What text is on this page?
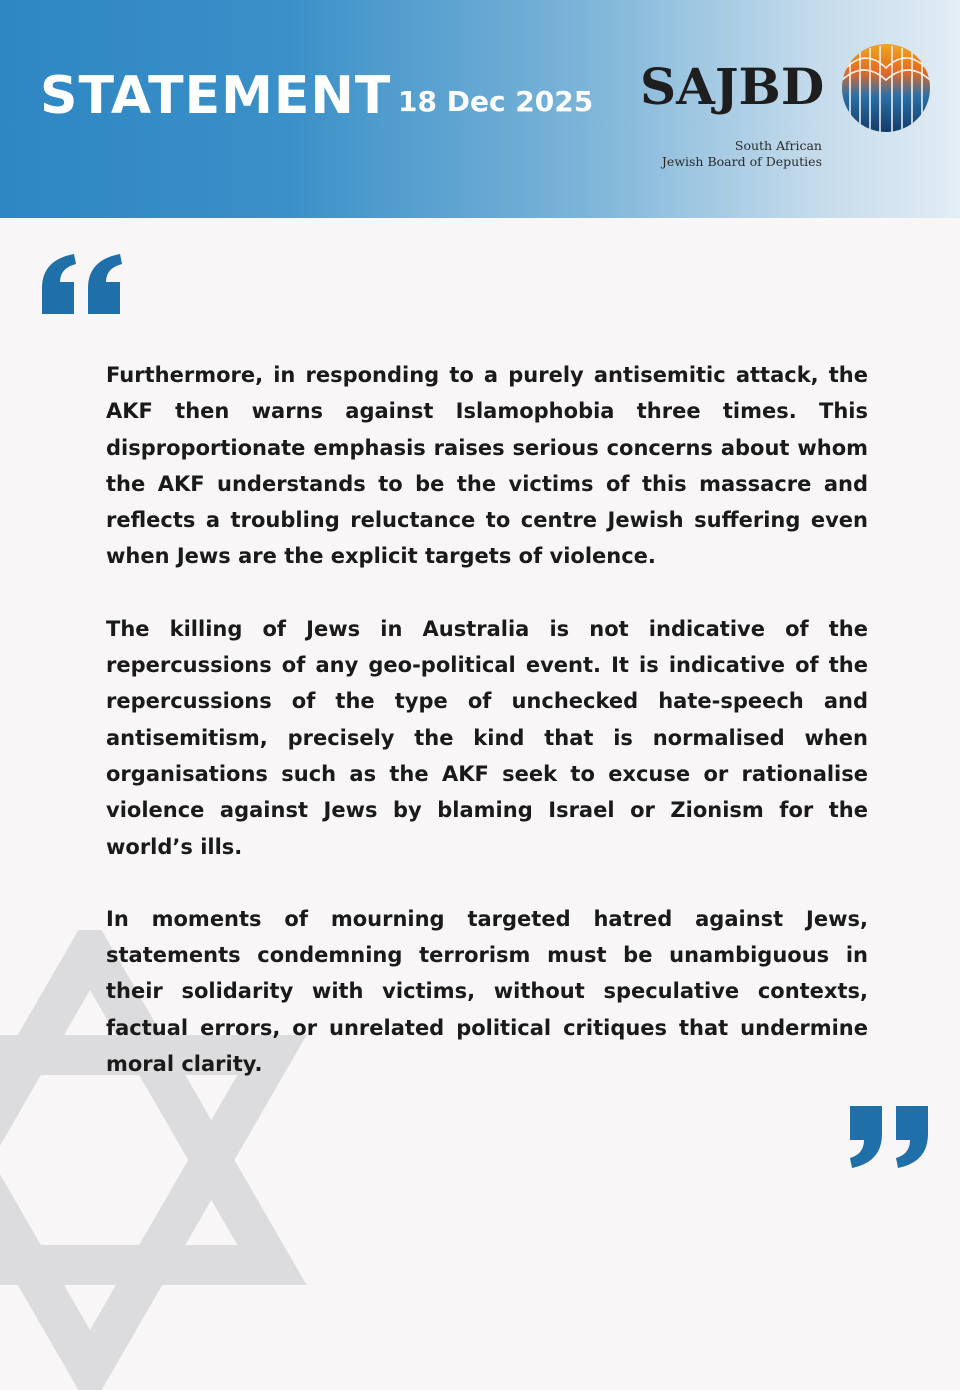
STATEMENT 18 Dec 2025 SAJBD
South African
Jewish Board of Deputies

Furthermore, in responding to a purely antisemitic attack, the AKF then warns against Islamophobia three times. This disproportionate emphasis raises serious concerns about whom the AKF understands to be the victims of this massacre and reflects a troubling reluctance to centre Jewish suffering even when Jews are the explicit targets of violence.

The killing of Jews in Australia is not indicative of the repercussions of any geo-political event. It is indicative of the repercussions of the type of unchecked hate-speech and antisemitism, precisely the kind that is normalised when organisations such as the AKF seek to excuse or rationalise violence against Jews by blaming Israel or Zionism for the world’s ills.

In moments of mourning targeted hatred against Jews, statements condemning terrorism must be unambiguous in their solidarity with victims, without speculative contexts, factual errors, or unrelated political critiques that undermine moral clarity.
